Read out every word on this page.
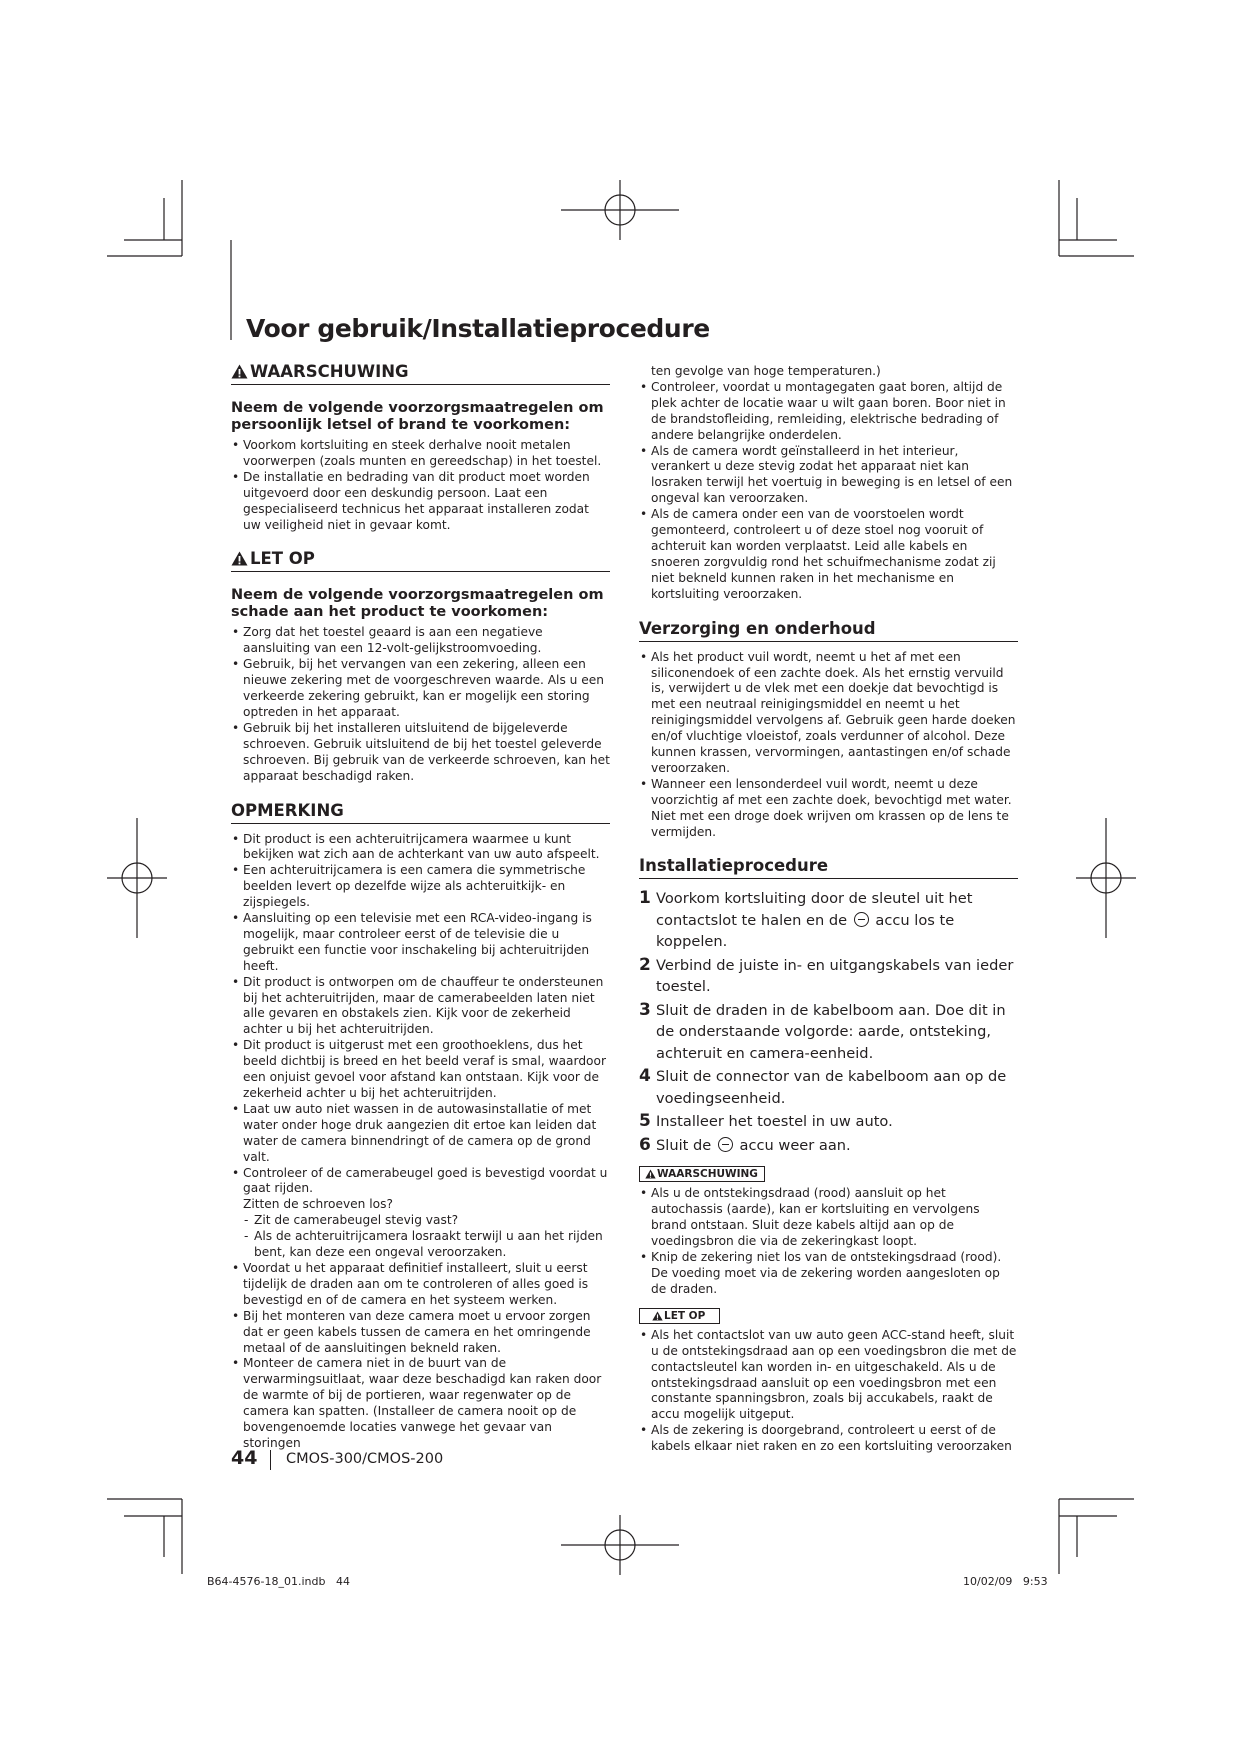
Voor gebruik/Installatieprocedure
WAARSCHUWING
Neem de volgende voorzorgsmaatregelen om persoonlijk letsel of brand te voorkomen:
• Voorkom kortsluiting en steek derhalve nooit metalen voorwerpen (zoals munten en gereedschap) in het toestel.
• De installatie en bedrading van dit product moet worden uitgevoerd door een deskundig persoon. Laat een gespecialiseerd technicus het apparaat installeren zodat uw veiligheid niet in gevaar komt.
LET OP
Neem de volgende voorzorgsmaatregelen om schade aan het product te voorkomen:
• Zorg dat het toestel geaard is aan een negatieve aansluiting van een 12-volt-gelijkstroomvoeding.
• Gebruik, bij het vervangen van een zekering, alleen een nieuwe zekering met de voorgeschreven waarde. Als u een verkeerde zekering gebruikt, kan er mogelijk een storing optreden in het apparaat.
• Gebruik bij het installeren uitsluitend de bijgeleverde schroeven. Gebruik uitsluitend de bij het toestel geleverde schroeven. Bij gebruik van de verkeerde schroeven, kan het apparaat beschadigd raken.
OPMERKING
• Dit product is een achteruitrijcamera waarmee u kunt bekijken wat zich aan de achterkant van uw auto afspeelt.
• Een achteruitrijcamera is een camera die symmetrische beelden levert op dezelfde wijze als achteruitkijk- en zijspiegels.
• Aansluiting op een televisie met een RCA-video-ingang is mogelijk, maar controleer eerst of de televisie die u gebruikt een functie voor inschakeling bij achteruitrijden heeft.
• Dit product is ontworpen om de chauffeur te ondersteunen bij het achteruitrijden, maar de camerabeelden laten niet alle gevaren en obstakels zien. Kijk voor de zekerheid achter u bij het achteruitrijden.
• Dit product is uitgerust met een groothoeklens, dus het beeld dichtbij is breed en het beeld veraf is smal, waardoor een onjuist gevoel voor afstand kan ontstaan. Kijk voor de zekerheid achter u bij het achteruitrijden.
• Laat uw auto niet wassen in de autowasinstallatie of met water onder hoge druk aangezien dit ertoe kan leiden dat water de camera binnendringt of de camera op de grond valt.
• Controleer of de camerabeugel goed is bevestigd voordat u gaat rijden.
Zitten de schroeven los?
- Zit de camerabeugel stevig vast?
- Als de achteruitrijcamera losraakt terwijl u aan het rijden bent, kan deze een ongeval veroorzaken.
• Voordat u het apparaat definitief installeert, sluit u eerst tijdelijk de draden aan om te controleren of alles goed is bevestigd en of de camera en het systeem werken.
• Bij het monteren van deze camera moet u ervoor zorgen dat er geen kabels tussen de camera en het omringende metaal of de aansluitingen bekneld raken.
• Monteer de camera niet in de buurt van de verwarmingsuitlaat, waar deze beschadigd kan raken door de warmte of bij de portieren, waar regenwater op de camera kan spatten. (Installeer de camera nooit op de bovengenoemde locaties vanwege het gevaar van storingen
ten gevolge van hoge temperaturen.)
• Controleer, voordat u montagegaten gaat boren, altijd de plek achter de locatie waar u wilt gaan boren. Boor niet in de brandstofleiding, remleiding, elektrische bedrading of andere belangrijke onderdelen.
• Als de camera wordt geïnstalleerd in het interieur, verankert u deze stevig zodat het apparaat niet kan losraken terwijl het voertuig in beweging is en letsel of een ongeval kan veroorzaken.
• Als de camera onder een van de voorstoelen wordt gemonteerd, controleert u of deze stoel nog vooruit of achteruit kan worden verplaatst. Leid alle kabels en snoeren zorgvuldig rond het schuifmechanisme zodat zij niet bekneld kunnen raken in het mechanisme en kortsluiting veroorzaken.
Verzorging en onderhoud
• Als het product vuil wordt, neemt u het af met een siliconendoek of een zachte doek. Als het ernstig vervuild is, verwijdert u de vlek met een doekje dat bevochtigd is met een neutraal reinigingsmiddel en neemt u het reinigingsmiddel vervolgens af. Gebruik geen harde doeken en/of vluchtige vloeistof, zoals verdunner of alcohol. Deze kunnen krassen, vervormingen, aantastingen en/of schade veroorzaken.
• Wanneer een lensonderdeel vuil wordt, neemt u deze voorzichtig af met een zachte doek, bevochtigd met water. Niet met een droge doek wrijven om krassen op de lens te vermijden.
Installatieprocedure
1 Voorkom kortsluiting door de sleutel uit het contactslot te halen en de accu los te koppelen.
2 Verbind de juiste in- en uitgangskabels van ieder toestel.
3 Sluit de draden in de kabelboom aan. Doe dit in de onderstaande volgorde: aarde, ontsteking, achteruit en camera-eenheid.
4 Sluit de connector van de kabelboom aan op de voedingseenheid.
5 Installeer het toestel in uw auto.
6 Sluit de accu weer aan.
WAARSCHUWING
• Als u de ontstekingsdraad (rood) aansluit op het autochassis (aarde), kan er kortsluiting en vervolgens brand ontstaan. Sluit deze kabels altijd aan op de voedingsbron die via de zekeringkast loopt.
• Knip de zekering niet los van de ontstekingsdraad (rood). De voeding moet via de zekering worden aangesloten op de draden.
LET OP
• Als het contactslot van uw auto geen ACC-stand heeft, sluit u de ontstekingsdraad aan op een voedingsbron die met de contactsleutel kan worden in- en uitgeschakeld. Als u de ontstekingsdraad aansluit op een voedingsbron met een constante spanningsbron, zoals bij accukabels, raakt de accu mogelijk uitgeput.
• Als de zekering is doorgebrand, controleert u eerst of de kabels elkaar niet raken en zo een kortsluiting veroorzaken
44 CMOS-300/CMOS-200
B64-4576-18_01.indb   44	10/02/09   9:53
